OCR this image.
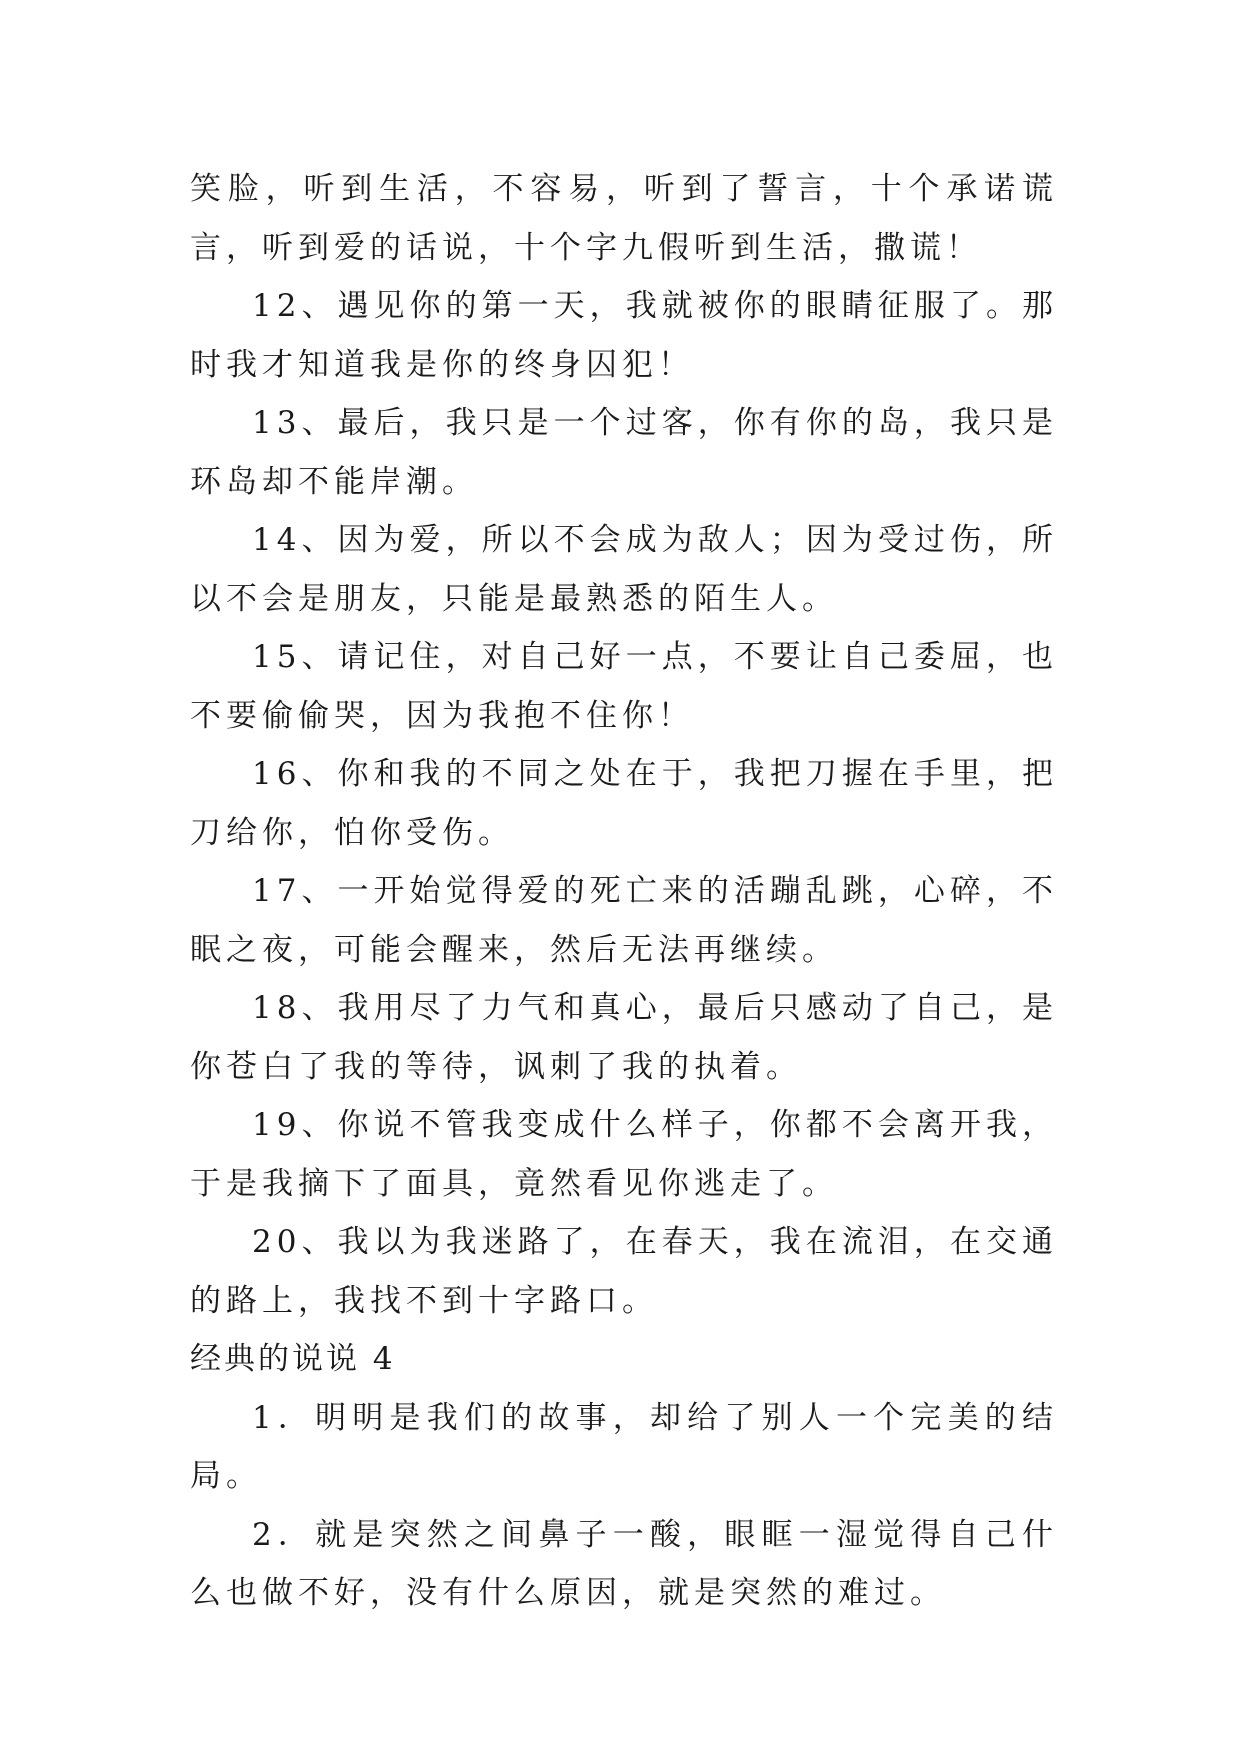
笑脸，听到生活，不容易，听到了誓言，十个承诺谎言，听到爱的话说，十个字九假听到生活，撒谎！

12、遇见你的第一天，我就被你的眼睛征服了。那时我才知道我是你的终身囚犯！

13、最后，我只是一个过客，你有你的岛，我只是环岛却不能岸潮。

14、因为爱，所以不会成为敌人；因为受过伤，所以不会是朋友，只能是最熟悉的陌生人。

15、请记住，对自己好一点，不要让自己委屈，也不要偷偷哭，因为我抱不住你！

16、你和我的不同之处在于，我把刀握在手里，把刀给你，怕你受伤。

17、一开始觉得爱的死亡来的活蹦乱跳，心碎，不眠之夜，可能会醒来，然后无法再继续。

18、我用尽了力气和真心，最后只感动了自己，是你苍白了我的等待，讽刺了我的执着。

19、你说不管我变成什么样子，你都不会离开我，于是我摘下了面具，竟然看见你逃走了。

20、我以为我迷路了，在春天，我在流泪，在交通的路上，我找不到十字路口。

经典的说说 4

1．明明是我们的故事，却给了别人一个完美的结局。

2．就是突然之间鼻子一酸，眼眶一湿觉得自己什么也做不好，没有什么原因，就是突然的难过。
